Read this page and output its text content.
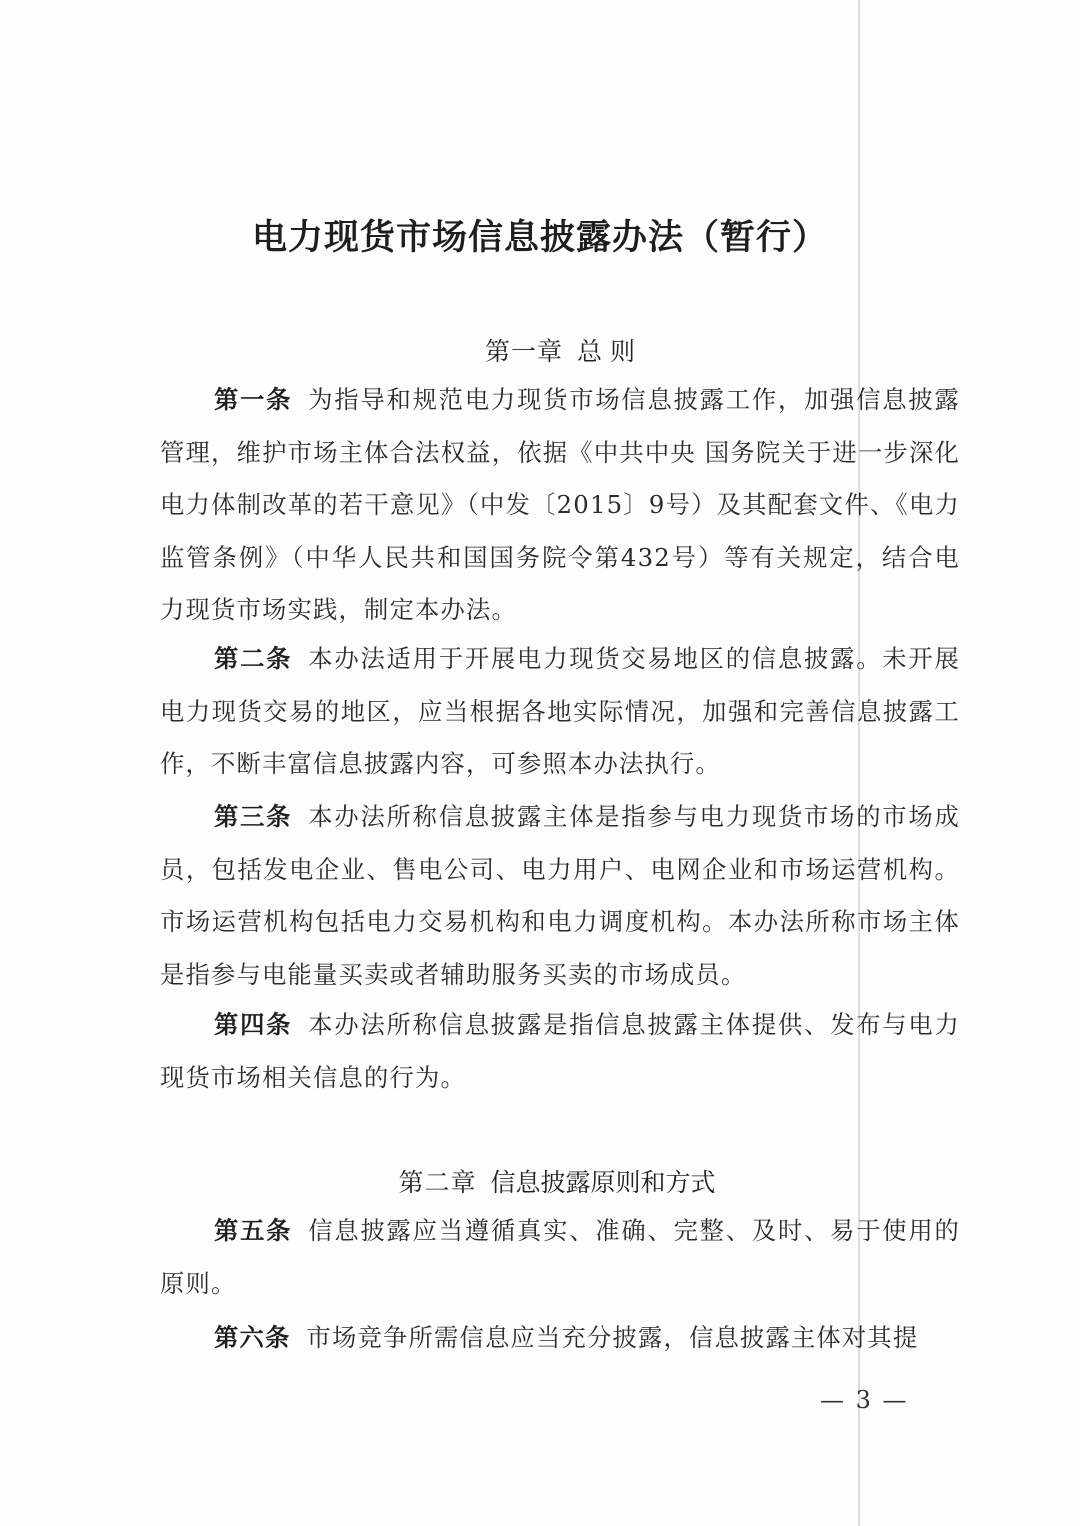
电力现货市场信息披露办法（暂行）
第一章 总 则

第一条 为指导和规范电力现货市场信息披露工作，加强信息披露管理，维护市场主体合法权益，依据《中共中央 国务院关于进一步深化电力体制改革的若干意见》（中发〔2015〕9号）及其配套文件、《电力监管条例》（中华人民共和国国务院令第432号）等有关规定，结合电力现货市场实践，制定本办法。

第二条 本办法适用于开展电力现货交易地区的信息披露。未开展电力现货交易的地区，应当根据各地实际情况，加强和完善信息披露工作，不断丰富信息披露内容，可参照本办法执行。

第三条 本办法所称信息披露主体是指参与电力现货市场的市场成员，包括发电企业、售电公司、电力用户、电网企业和市场运营机构。市场运营机构包括电力交易机构和电力调度机构。本办法所称市场主体是指参与电能量买卖或者辅助服务买卖的市场成员。

第四条 本办法所称信息披露是指信息披露主体提供、发布与电力现货市场相关信息的行为。

第二章 信息披露原则和方式

第五条 信息披露应当遵循真实、准确、完整、及时、易于使用的原则。

第六条 市场竞争所需信息应当充分披露，信息披露主体对其提

— 3 —
